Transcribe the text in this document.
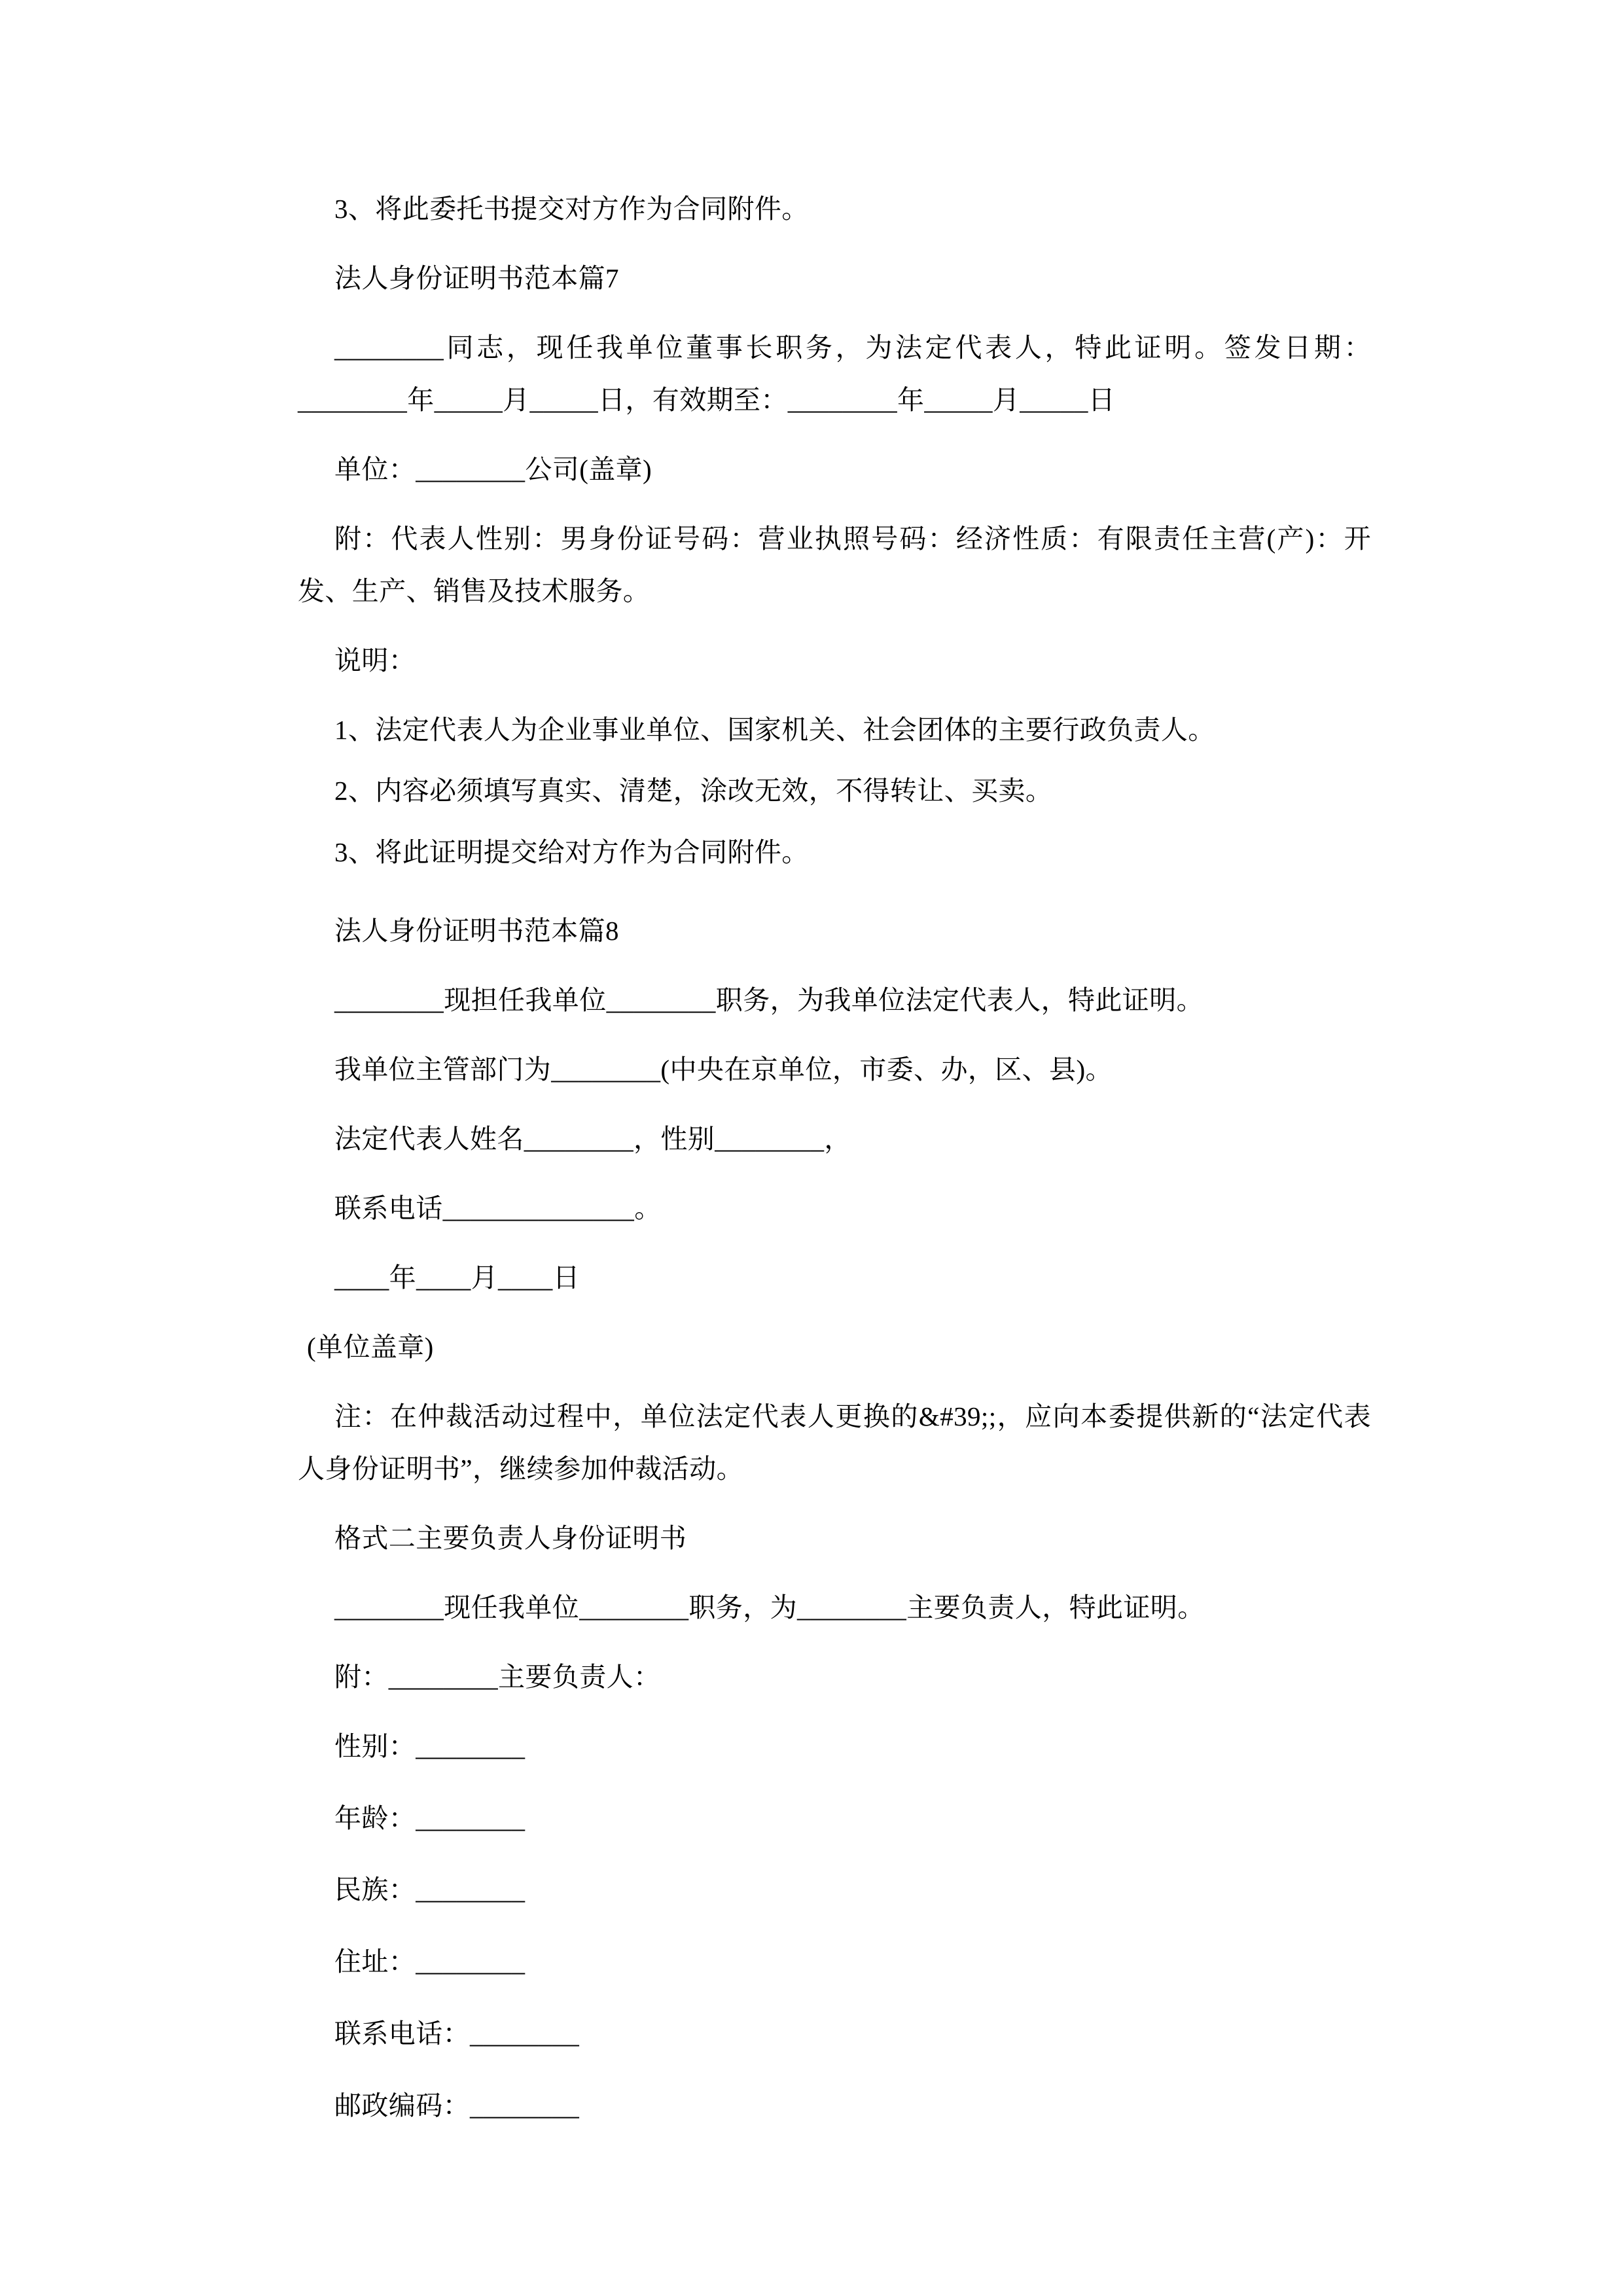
3、将此委托书提交对方作为合同附件。

法人身份证明书范本篇7

________同志，现任我单位董事长职务，为法定代表人，特此证明。签发日期：________年_____月_____日，有效期至：________年_____月_____日

单位：________公司(盖章)

附：代表人性别：男身份证号码：营业执照号码：经济性质：有限责任主营(产)：开发、生产、销售及技术服务。

说明：

1、法定代表人为企业事业单位、国家机关、社会团体的主要行政负责人。

2、内容必须填写真实、清楚，涂改无效，不得转让、买卖。

3、将此证明提交给对方作为合同附件。

法人身份证明书范本篇8

________现担任我单位________职务，为我单位法定代表人，特此证明。

我单位主管部门为________(中央在京单位，市委、办，区、县)。

法定代表人姓名________，性别________，

联系电话______________。

____年____月____日

(单位盖章)

注：在仲裁活动过程中，单位法定代表人更换的&#39;;，应向本委提供新的“法定代表人身份证明书”，继续参加仲裁活动。

格式二主要负责人身份证明书

________现任我单位________职务，为________主要负责人，特此证明。

附：________主要负责人：

性别：________

年龄：________

民族：________

住址：________

联系电话：________

邮政编码：________
